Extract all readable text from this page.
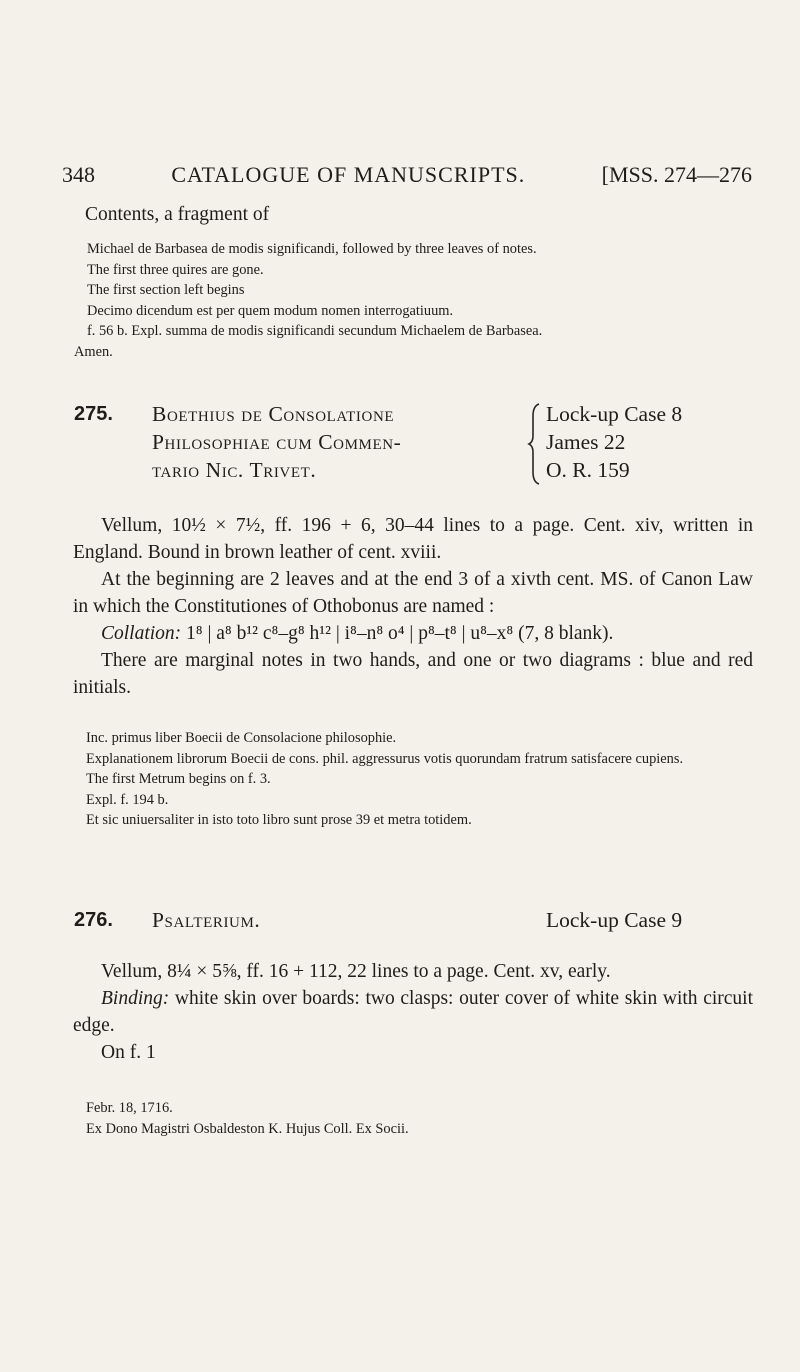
348	CATALOGUE OF MANUSCRIPTS.	[MSS. 274—276
Contents, a fragment of

Michael de Barbasea de modis significandi, followed by three leaves of notes.

The first three quires are gone.

The first section left begins

Decimo dicendum est per quem modum nomen interrogatiuum.

f. 56 b. Expl. summa de modis significandi secundum Michaelem de Barbasea.

Amen.

275. Boethius de Consolatione
Philosophiae cum Commen-
tario Nic. Trivet.
Lock-up Case 8
James 22
O. R. 159

Vellum, 10½ × 7½, ff. 196 + 6, 30–44 lines to a page. Cent. xiv, written in England. Bound in brown leather of cent. xviii.

At the beginning are 2 leaves and at the end 3 of a xivth cent. MS. of Canon Law in which the Constitutiones of Othobonus are named :

Collation: 1⁸ | a⁸ b¹² c⁸–g⁸ h¹² | i⁸–n⁸ o⁴ | p⁸–t⁸ | u⁸–x⁸ (7, 8 blank).

There are marginal notes in two hands, and one or two diagrams : blue and red initials.

Inc. primus liber Boecii de Consolacione philosophie.

Explanationem librorum Boecii de cons. phil. aggressurus votis quorundam fratrum satisfacere cupiens.

The first Metrum begins on f. 3.

Expl. f. 194 b.

Et sic uniuersaliter in isto toto libro sunt prose 39 et metra totidem.

276. Psalterium.	Lock-up Case 9

Vellum, 8¼ × 5⅝, ff. 16 + 112, 22 lines to a page. Cent. xv, early.

Binding: white skin over boards: two clasps: outer cover of white skin with circuit edge.

On f. 1

Febr. 18, 1716.

Ex Dono Magistri Osbaldeston K. Hujus Coll. Ex Socii.
